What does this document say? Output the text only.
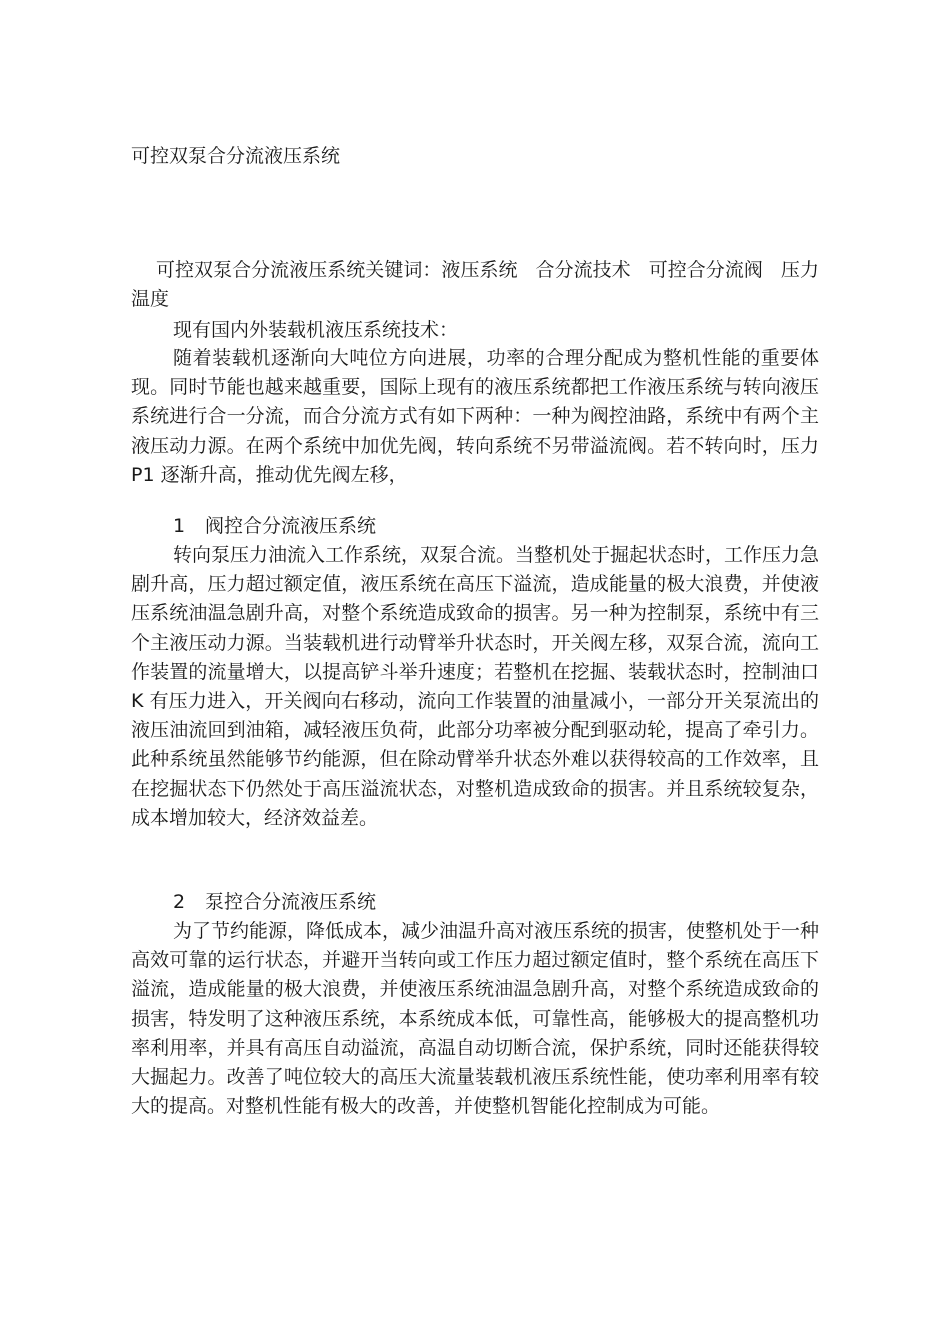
可控双泵合分流液压系统

可控双泵合分流液压系统关键词：液压系统 合分流技术 可控合分流阀 压力温度

现有国内外装载机液压系统技术：

随着装载机逐渐向大吨位方向进展，功率的合理分配成为整机性能的重要体现。同时节能也越来越重要，国际上现有的液压系统都把工作液压系统与转向液压系统进行合一分流，而合分流方式有如下两种：一种为阀控油路，系统中有两个主液压动力源。在两个系统中加优先阀，转向系统不另带溢流阀。若不转向时，压力 P1 逐渐升高，推动优先阀左移，

1 阀控合分流液压系统

转向泵压力油流入工作系统，双泵合流。当整机处于掘起状态时，工作压力急剧升高，压力超过额定值，液压系统在高压下溢流，造成能量的极大浪费，并使液压系统油温急剧升高，对整个系统造成致命的损害。另一种为控制泵，系统中有三个主液压动力源。当装载机进行动臂举升状态时，开关阀左移，双泵合流，流向工作装置的流量增大，以提高铲斗举升速度；若整机在挖掘、装载状态时，控制油口 K 有压力进入，开关阀向右移动，流向工作装置的油量减小，一部分开关泵流出的液压油流回到油箱，减轻液压负荷，此部分功率被分配到驱动轮，提高了牵引力。此种系统虽然能够节约能源，但在除动臂举升状态外难以获得较高的工作效率，且在挖掘状态下仍然处于高压溢流状态，对整机造成致命的损害。并且系统较复杂，成本增加较大，经济效益差。

2 泵控合分流液压系统

为了节约能源，降低成本，减少油温升高对液压系统的损害，使整机处于一种高效可靠的运行状态，并避开当转向或工作压力超过额定值时，整个系统在高压下溢流，造成能量的极大浪费，并使液压系统油温急剧升高，对整个系统造成致命的损害，特发明了这种液压系统，本系统成本低，可靠性高，能够极大的提高整机功率利用率，并具有高压自动溢流，高温自动切断合流，保护系统，同时还能获得较大掘起力。改善了吨位较大的高压大流量装载机液压系统性能，使功率利用率有较大的提高。对整机性能有极大的改善，并使整机智能化控制成为可能。
